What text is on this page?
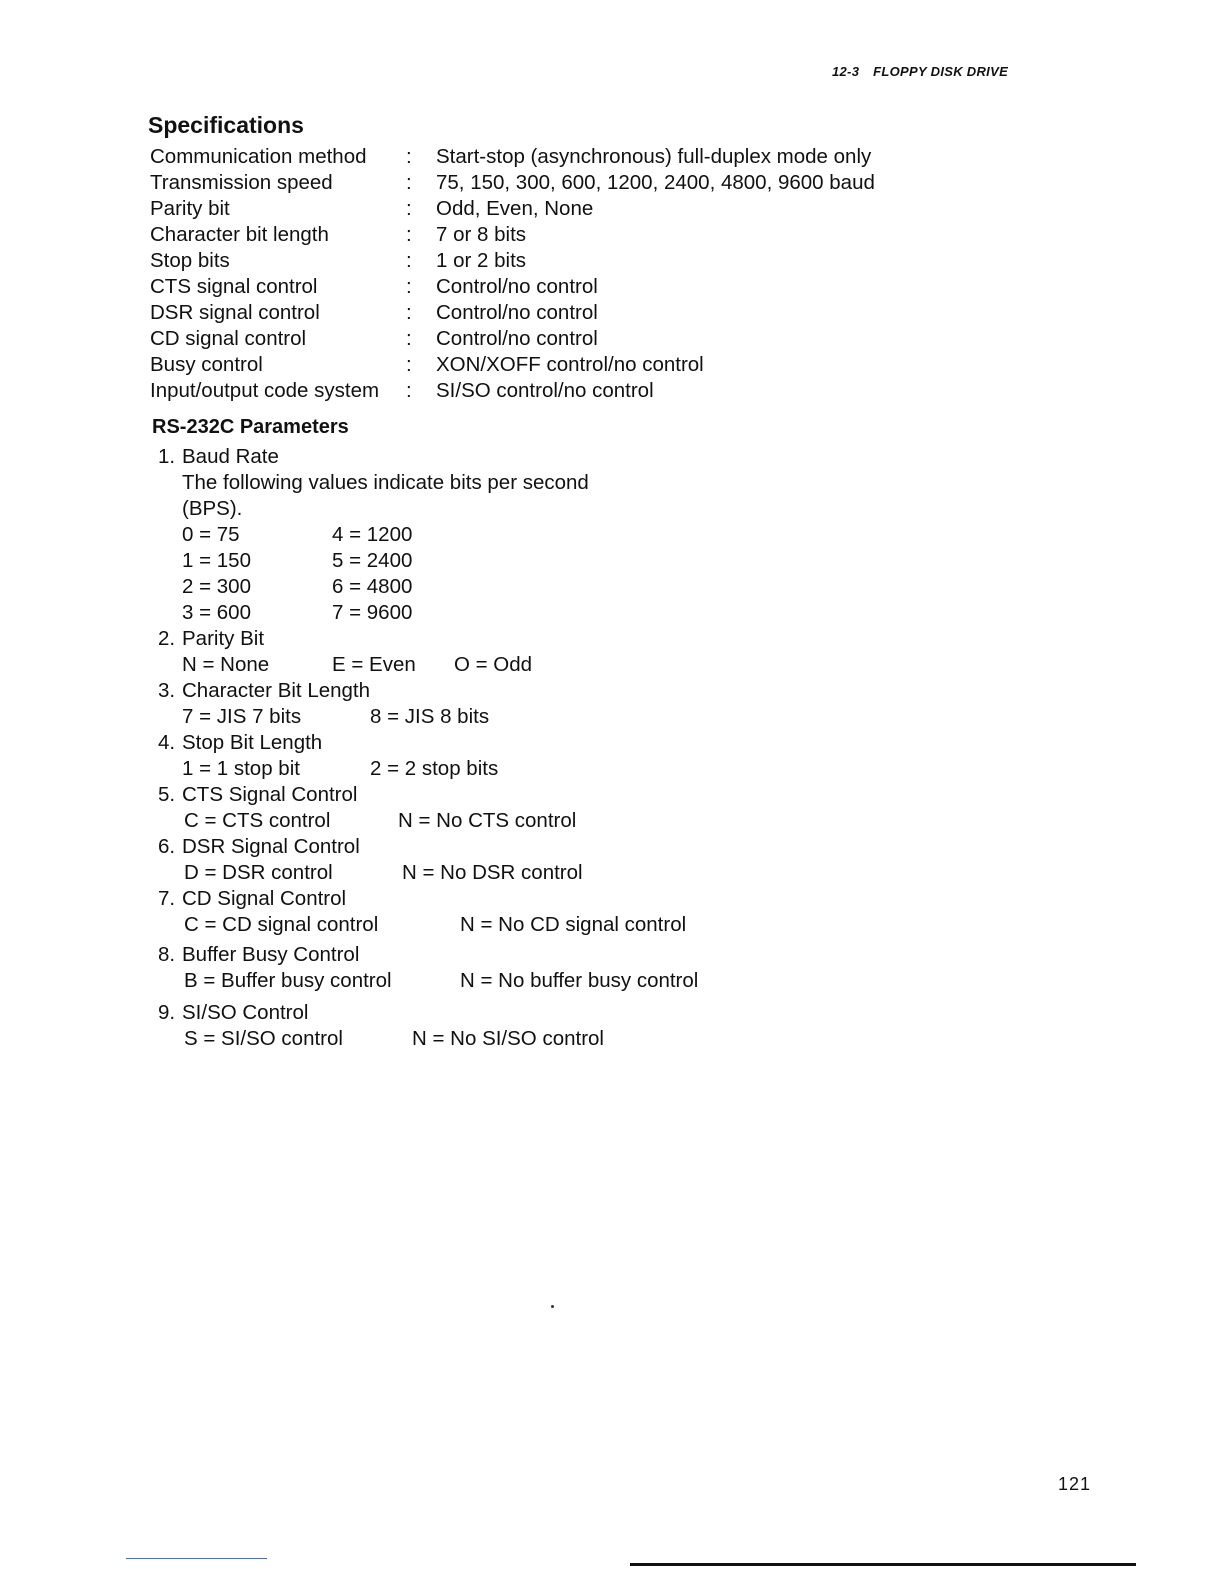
12-3 FLOPPY DISK DRIVE
Specifications
Communication method : Start-stop (asynchronous) full-duplex mode only
Transmission speed	: 75, 150, 300, 600, 1200, 2400, 4800, 9600 baud
Parity bit	: Odd, Even, None
Character bit length	: 7 or 8 bits
Stop bits	: 1 or 2 bits
CTS signal control	: Control/no control
DSR signal control	: Control/no control
CD signal control	: Control/no control
Busy control	: XON/XOFF control/no control
Input/output code system : SI/SO control/no control
RS-232C Parameters
1. Baud Rate
The following values indicate bits per second
(BPS).
0 = 75	4 = 1200
1 = 150	5 = 2400
2 = 300	6 = 4800
3 = 600	7 = 9600
2. Parity Bit
N = None	E = Even O = Odd
3. Character Bit Length
7 = JIS 7 bits	8 = JIS 8 bits
4. Stop Bit Length
1 = 1 stop bit	2 = 2 stop bits
5. CTS Signal Control
C = CTS control	N = No CTS control
6. DSR Signal Control
D = DSR control	N = No DSR control
7. CD Signal Control
C = CD signal control	N = No CD signal control
8. Buffer Busy Control
B = Buffer busy control	N = No buffer busy control
9. SI/SO Control
S = SI/SO control	N = No SI/SO control
121
